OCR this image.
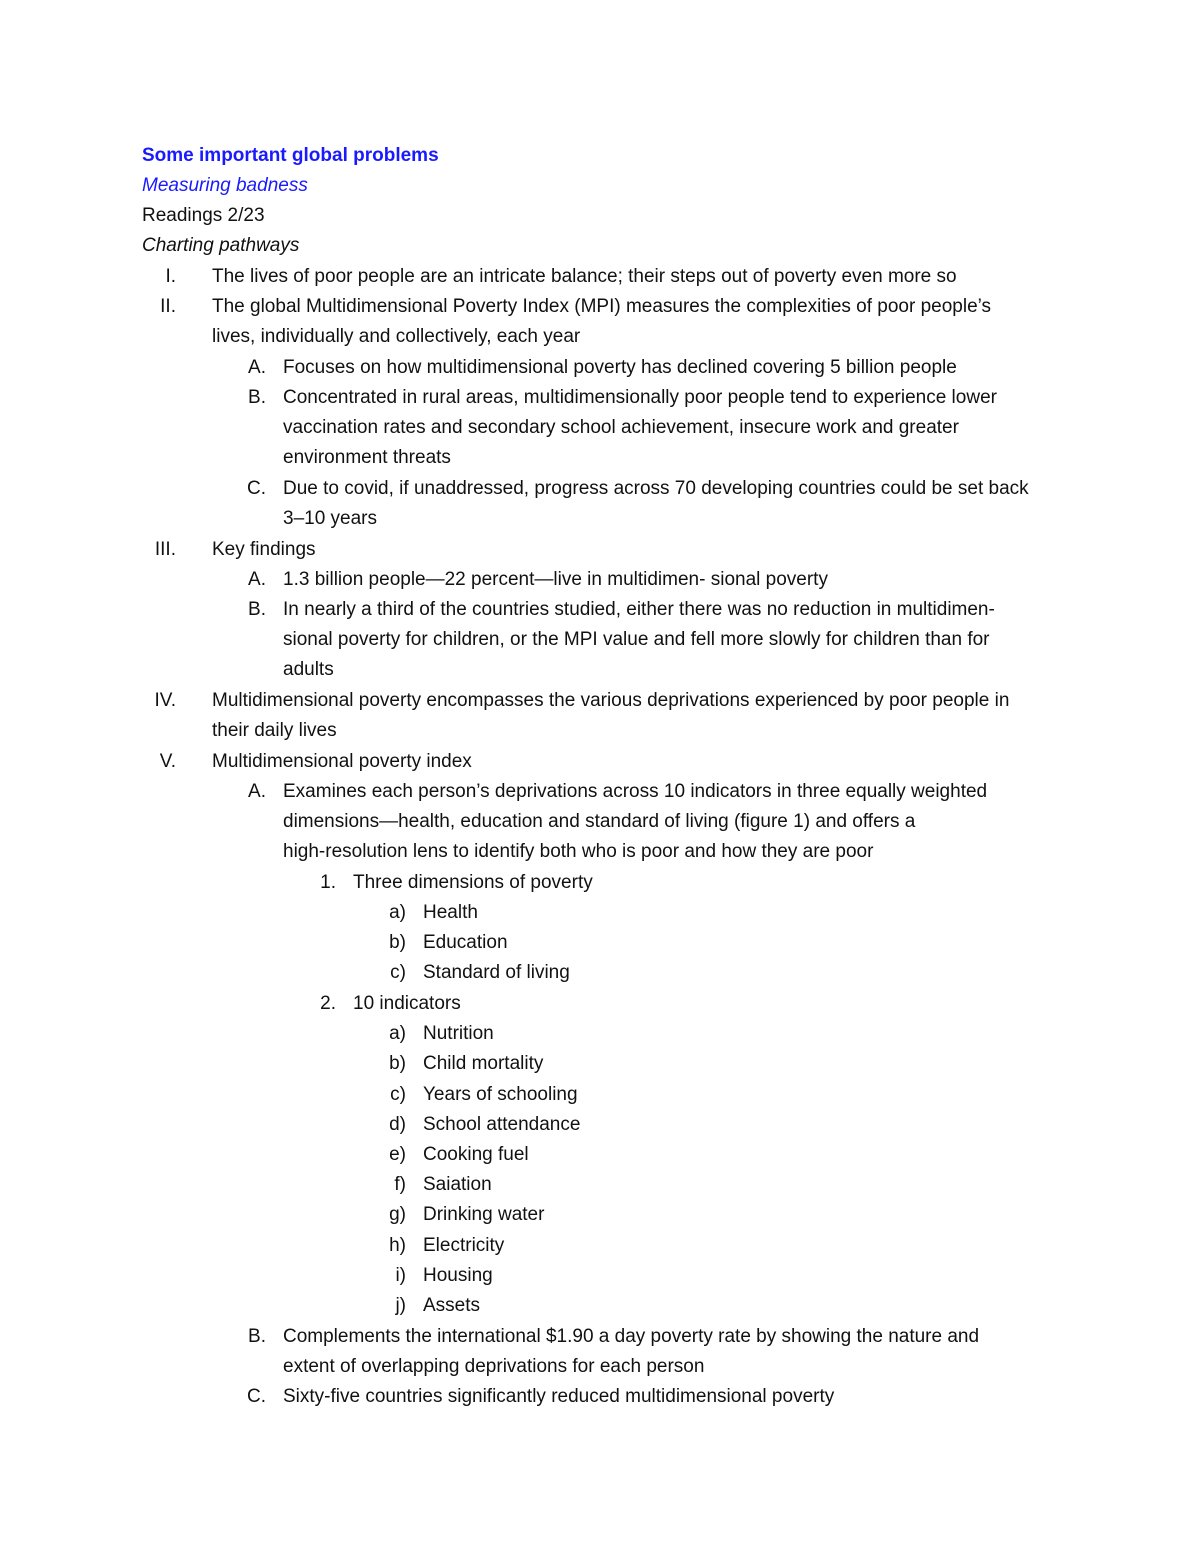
Some important global problems
Measuring badness
Readings 2/23
Charting pathways
I. The lives of poor people are an intricate balance; their steps out of poverty even more so
II. The global Multidimensional Poverty Index (MPI) measures the complexities of poor people’s
lives, individually and collectively, each year
A. Focuses on how multidimensional poverty has declined covering 5 billion people
B. Concentrated in rural areas, multidimensionally poor people tend to experience lower
vaccination rates and secondary school achievement, insecure work and greater
environment threats
C. Due to covid, if unaddressed, progress across 70 developing countries could be set back
3–10 years
III. Key findings
A. 1.3 billion people—22 percent—live in multidimen- sional poverty
B. In nearly a third of the countries studied, either there was no reduction in multidimen-
sional poverty for children, or the MPI value and fell more slowly for children than for
adults
IV. Multidimensional poverty encompasses the various deprivations experienced by poor people in
their daily lives
V. Multidimensional poverty index
A. Examines each person’s deprivations across 10 indicators in three equally weighted
dimensions—health, education and standard of living (figure 1) and offers a
high-resolution lens to identify both who is poor and how they are poor
1. Three dimensions of poverty
a) Health
b) Education
c) Standard of living
2. 10 indicators
a) Nutrition
b) Child mortality
c) Years of schooling
d) School attendance
e) Cooking fuel
f) Saiation
g) Drinking water
h) Electricity
i) Housing
j) Assets
B. Complements the international $1.90 a day poverty rate by showing the nature and
extent of overlapping deprivations for each person
C. Sixty-five countries significantly reduced multidimensional poverty
